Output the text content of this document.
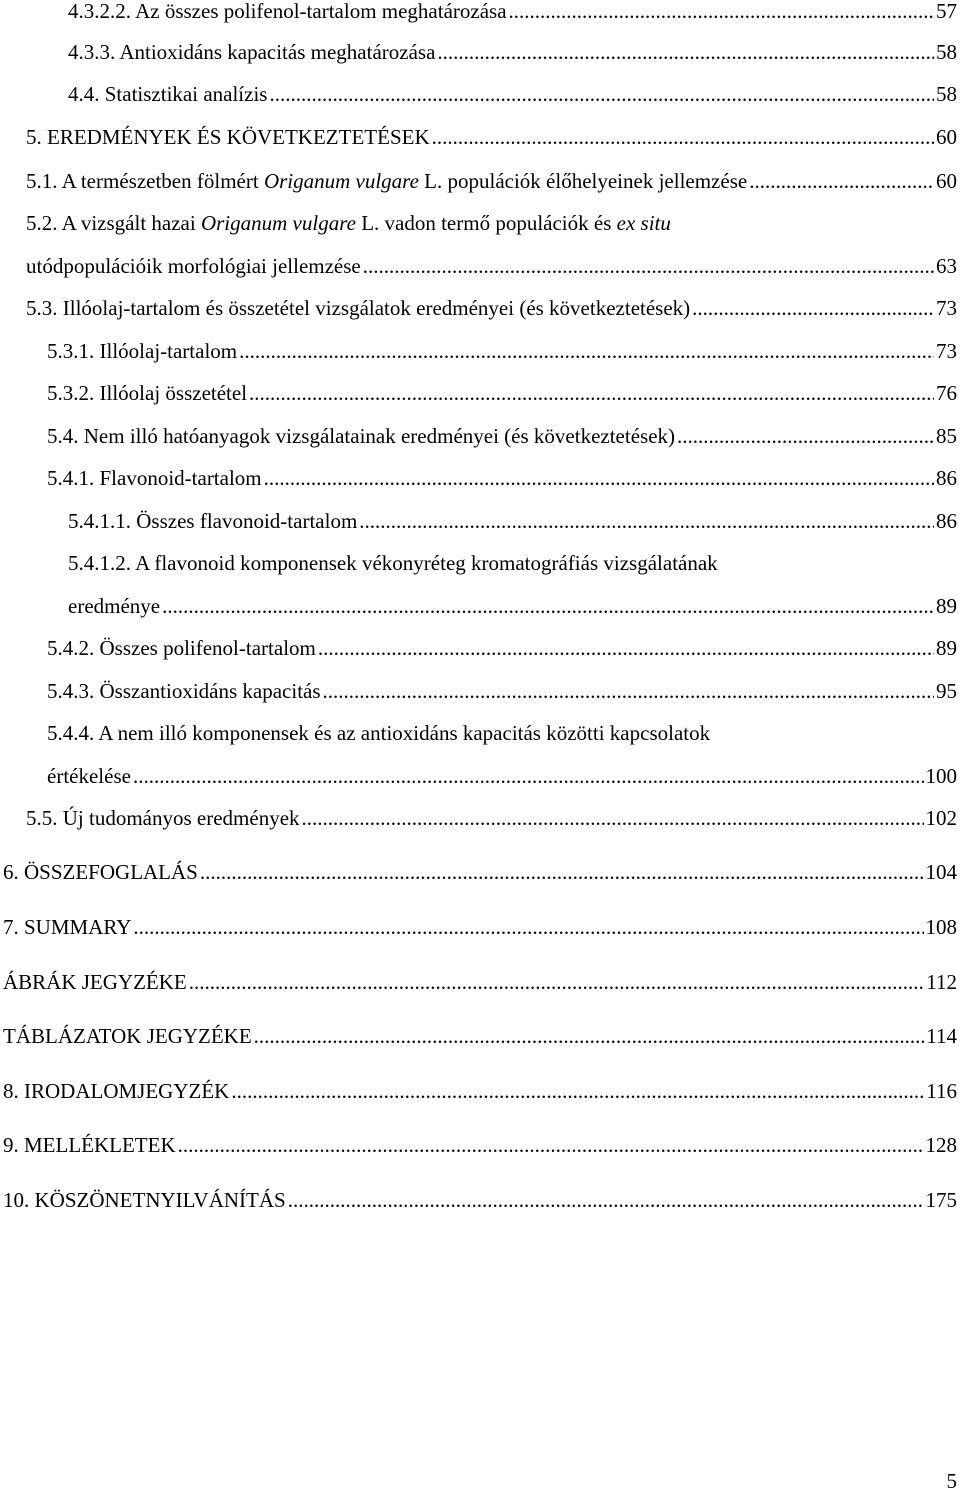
4.3.2.2. Az összes polifenol-tartalom meghatározása .....	57
4.3.3. Antioxidáns kapacitás meghatározása .....	58
4.4. Statisztikai analízis .....	58
5. EREDMÉNYEK ÉS KÖVETKEZTETÉSEK .....	60
5.1. A természetben fölmért Origanum vulgare L. populációk élőhelyeinek jellemzése .....	60
5.2. A vizsgált hazai Origanum vulgare L. vadon termő populációk és ex situ
utódpopulációik morfológiai jellemzése .....	63
5.3. Illóolaj-tartalom és összetétel vizsgálatok eredményei (és következtetések) .....	73
5.3.1. Illóolaj-tartalom .....	73
5.3.2. Illóolaj összetétel .....	76
5.4. Nem illó hatóanyagok vizsgálatainak eredményei (és következtetések) .....	85
5.4.1. Flavonoid-tartalom .....	86
5.4.1.1. Összes flavonoid-tartalom .....	86
5.4.1.2. A flavonoid komponensek vékonyréteg kromatográfiás vizsgálatának
eredménye .....	89
5.4.2. Összes polifenol-tartalom .....	89
5.4.3. Összantioxidáns kapacitás .....	95
5.4.4. A nem illó komponensek és az antioxidáns kapacitás közötti kapcsolatok
értékelése .....	100
5.5. Új tudományos eredmények .....	102
6. ÖSSZEFOGLALÁS .....	104
7. SUMMARY .....	108
ÁBRÁK JEGYZÉKE .....	112
TÁBLÁZATOK JEGYZÉKE .....	114
8. IRODALOMJEGYZÉK .....	116
9. MELLÉKLETEK .....	128
10. KÖSZÖNETNYILVÁNÍTÁS .....	175
5
